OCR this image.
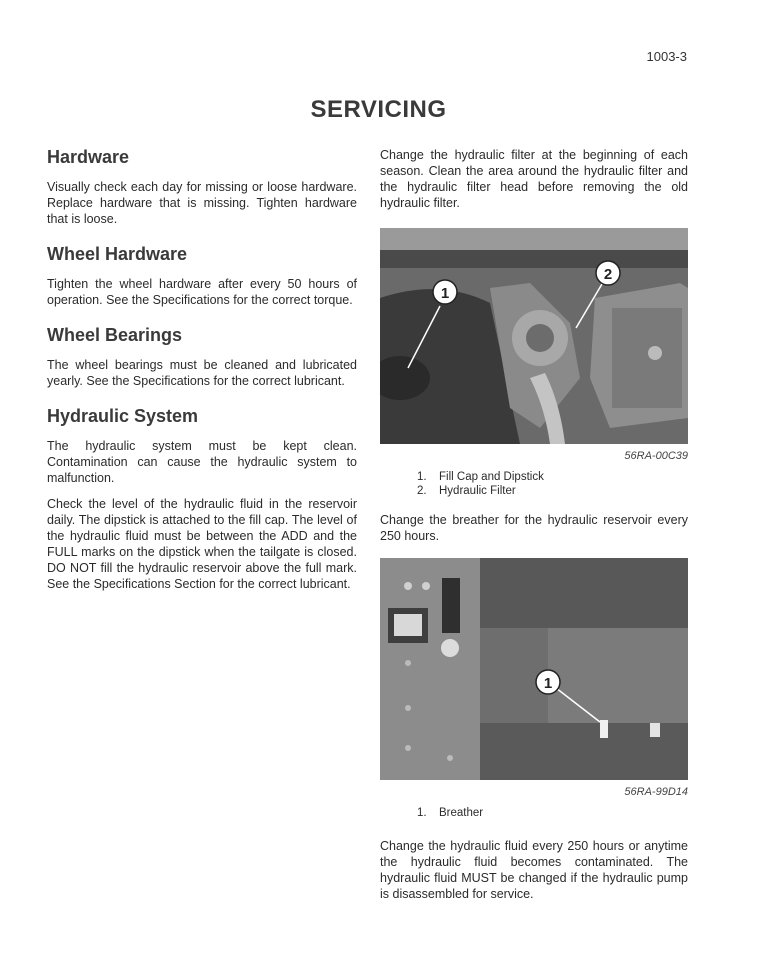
1003-3
SERVICING
Hardware

Visually check each day for missing or loose hardware. Replace hardware that is missing. Tighten hardware that is loose.

Wheel Hardware

Tighten the wheel hardware after every 50 hours of operation. See the Specifications for the correct torque.

Wheel Bearings

The wheel bearings must be cleaned and lubricated yearly. See the Specifications for the correct lubricant.

Hydraulic System

The hydraulic system must be kept clean. Contamination can cause the hydraulic system to malfunction.

Check the level of the hydraulic fluid in the reservoir daily. The dipstick is attached to the fill cap. The level of the hydraulic fluid must be between the ADD and the FULL marks on the dipstick when the tailgate is closed. DO NOT fill the hydraulic reservoir above the full mark. See the Specifications Section for the correct lubricant.

Change the hydraulic filter at the beginning of each season. Clean the area around the hydraulic filter and the hydraulic filter head before removing the old hydraulic filter.

1
2
56RA-00C39
1. Fill Cap and Dipstick
2. Hydraulic Filter

Change the breather for the hydraulic reservoir every 250 hours.

1
56RA-99D14
1. Breather

Change the hydraulic fluid every 250 hours or anytime the hydraulic fluid becomes contaminated. The hydraulic fluid MUST be changed if the hydraulic pump is disassembled for service.
